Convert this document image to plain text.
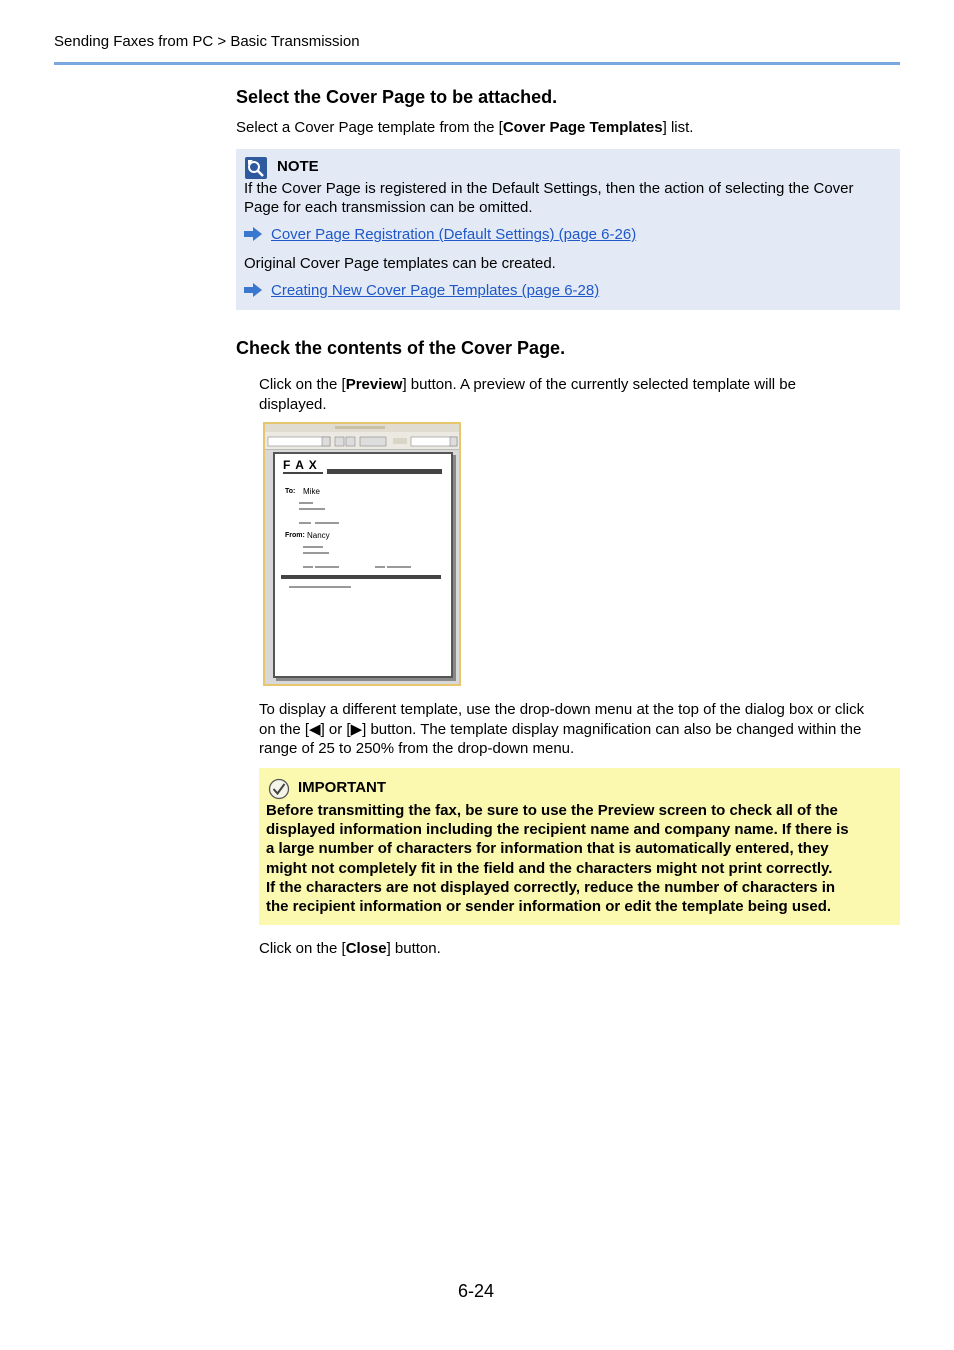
Sending Faxes from PC > Basic Transmission
Select the Cover Page to be attached.
Select a Cover Page template from the [Cover Page Templates] list.
NOTE
If the Cover Page is registered in the Default Settings, then the action of selecting the Cover
Page for each transmission can be omitted.
Cover Page Registration (Default Settings) (page 6-26)
Original Cover Page templates can be created.
Creating New Cover Page Templates (page 6-28)
Check the contents of the Cover Page.
Click on the [Preview] button. A preview of the currently selected template will be
displayed.
F A X
To: Mike
From: Nancy
To display a different template, use the drop-down menu at the top of the dialog box or click
on the [◀] or [▶] button. The template display magnification can also be changed within the
range of 25 to 250% from the drop-down menu.
IMPORTANT
Before transmitting the fax, be sure to use the Preview screen to check all of the
displayed information including the recipient name and company name. If there is
a large number of characters for information that is automatically entered, they
might not completely fit in the field and the characters might not print correctly.
If the characters are not displayed correctly, reduce the number of characters in
the recipient information or sender information or edit the template being used.
Click on the [Close] button.
6-24
